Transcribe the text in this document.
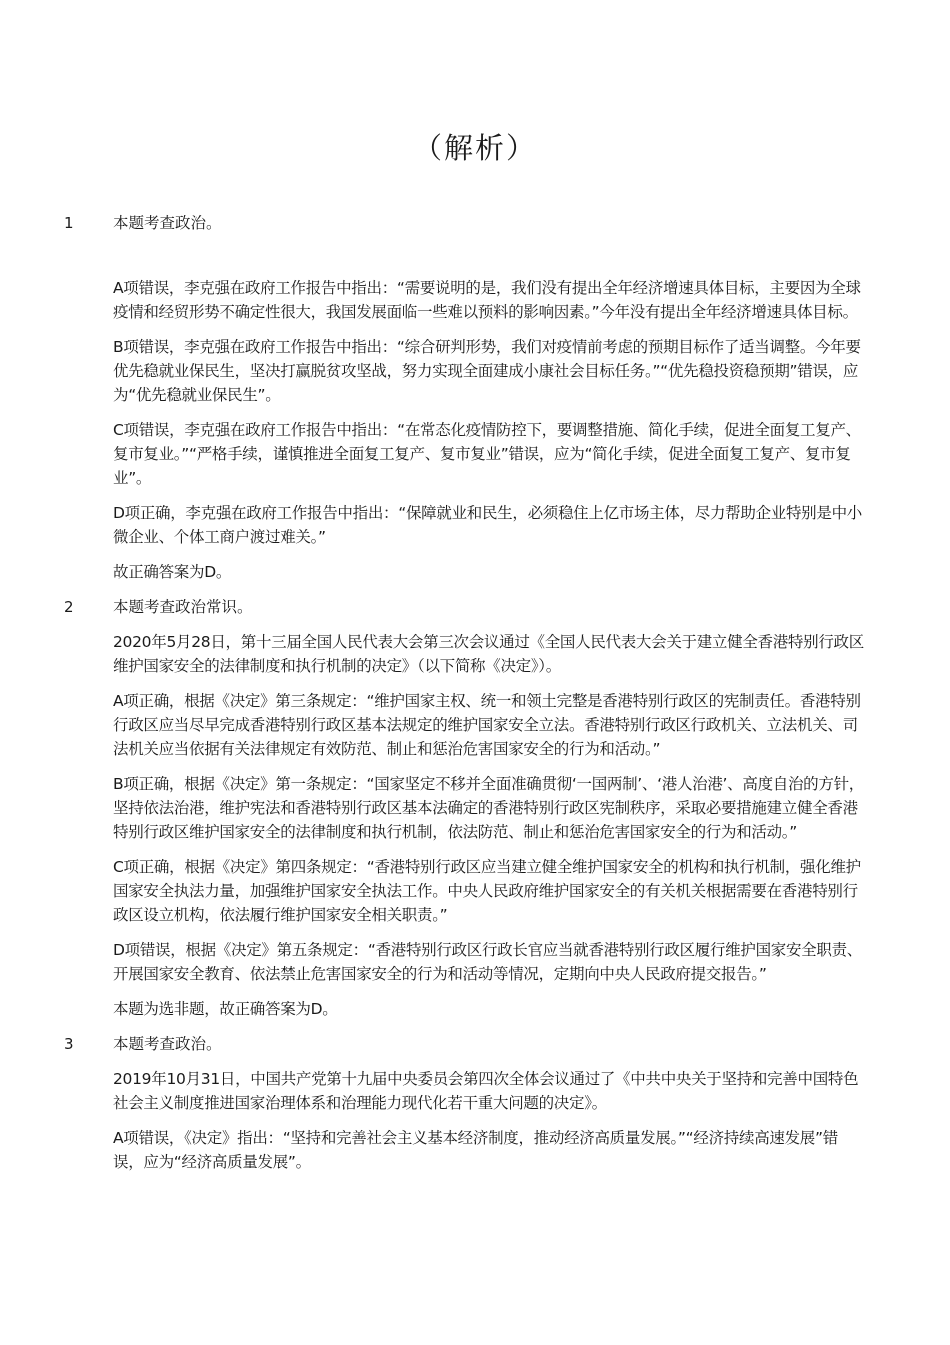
（解析）
1	本题考查政治。
A项错误，李克强在政府工作报告中指出：“需要说明的是，我们没有提出全年经济增速具体目标，主要因为全球疫情和经贸形势不确定性很大，我国发展面临一些难以预料的影响因素。”今年没有提出全年经济增速具体目标。
B项错误，李克强在政府工作报告中指出：“综合研判形势，我们对疫情前考虑的预期目标作了适当调整。今年要优先稳就业保民生，坚决打赢脱贫攻坚战，努力实现全面建成小康社会目标任务。”“优先稳投资稳预期”错误，应为“优先稳就业保民生”。
C项错误，李克强在政府工作报告中指出：“在常态化疫情防控下，要调整措施、简化手续，促进全面复工复产、复市复业。”“严格手续，谨慎推进全面复工复产、复市复业”错误，应为“简化手续，促进全面复工复产、复市复业”。
D项正确，李克强在政府工作报告中指出：“保障就业和民生，必须稳住上亿市场主体，尽力帮助企业特别是中小微企业、个体工商户渡过难关。”
故正确答案为D。
2	本题考查政治常识。
2020年5月28日，第十三届全国人民代表大会第三次会议通过《全国人民代表大会关于建立健全香港特别行政区维护国家安全的法律制度和执行机制的决定》（以下简称《决定》）。
A项正确，根据《决定》第三条规定：“维护国家主权、统一和领土完整是香港特别行政区的宪制责任。香港特别行政区应当尽早完成香港特别行政区基本法规定的维护国家安全立法。香港特别行政区行政机关、立法机关、司法机关应当依据有关法律规定有效防范、制止和惩治危害国家安全的行为和活动。”
B项正确，根据《决定》第一条规定：“国家坚定不移并全面准确贯彻‘一国两制’、‘港人治港’、高度自治的方针，坚持依法治港，维护宪法和香港特别行政区基本法确定的香港特别行政区宪制秩序，采取必要措施建立健全香港特别行政区维护国家安全的法律制度和执行机制，依法防范、制止和惩治危害国家安全的行为和活动。”
C项正确，根据《决定》第四条规定：“香港特别行政区应当建立健全维护国家安全的机构和执行机制，强化维护国家安全执法力量，加强维护国家安全执法工作。中央人民政府维护国家安全的有关机关根据需要在香港特别行政区设立机构，依法履行维护国家安全相关职责。”
D项错误，根据《决定》第五条规定：“香港特别行政区行政长官应当就香港特别行政区履行维护国家安全职责、开展国家安全教育、依法禁止危害国家安全的行为和活动等情况，定期向中央人民政府提交报告。”
本题为选非题，故正确答案为D。
3	本题考查政治。
2019年10月31日，中国共产党第十九届中央委员会第四次全体会议通过了《中共中央关于坚持和完善中国特色社会主义制度推进国家治理体系和治理能力现代化若干重大问题的决定》。
A项错误，《决定》指出：“坚持和完善社会主义基本经济制度，推动经济高质量发展。”“经济持续高速发展”错误，应为“经济高质量发展”。
